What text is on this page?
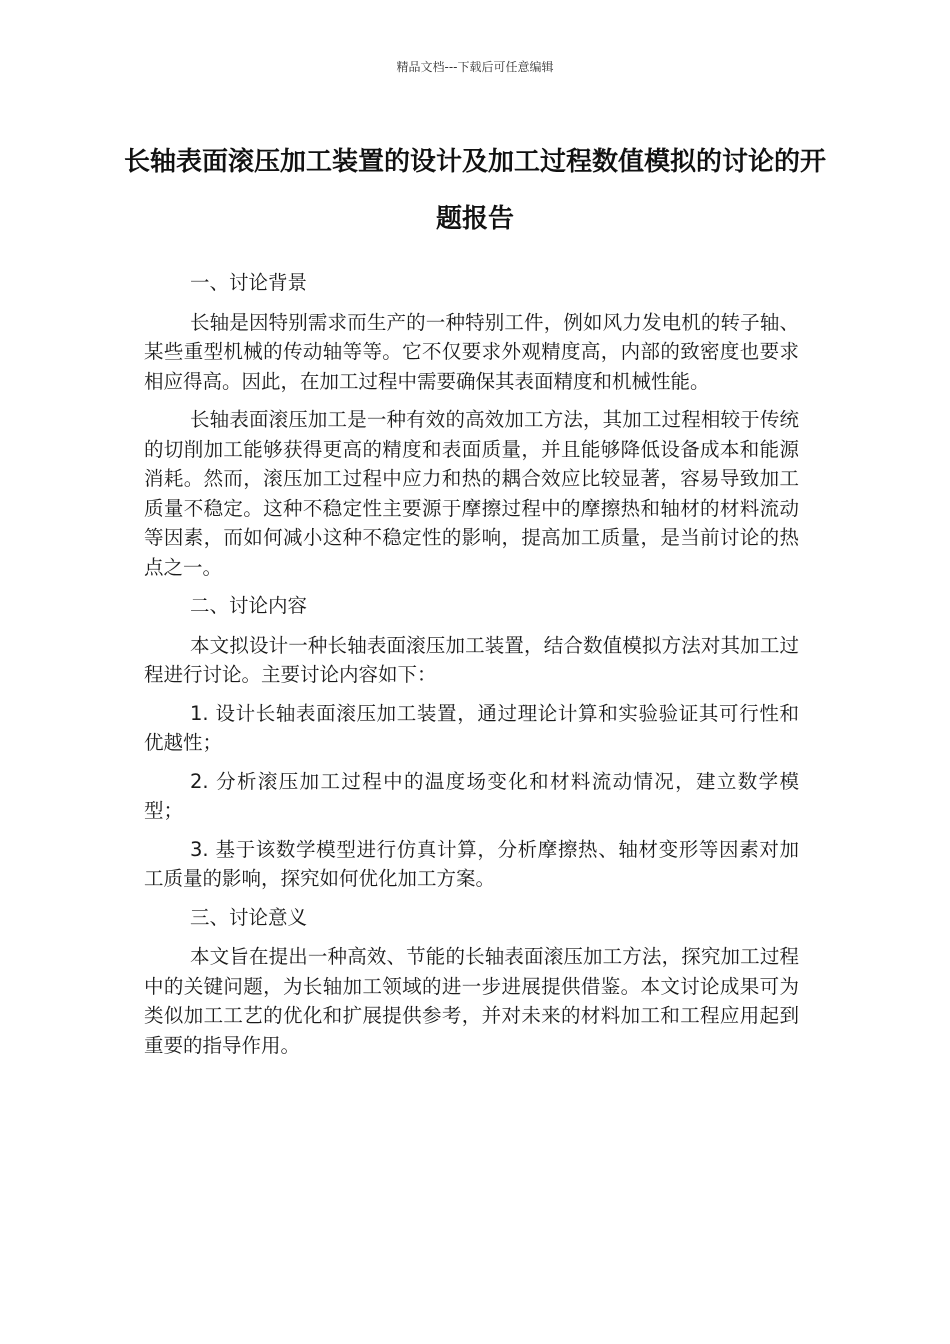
精品文档---下载后可任意编辑
长轴表面滚压加工装置的设计及加工过程数值模拟的讨论的开题报告

一、讨论背景

长轴是因特别需求而生产的一种特别工件，例如风力发电机的转子轴、某些重型机械的传动轴等等。它不仅要求外观精度高，内部的致密度也要求相应得高。因此，在加工过程中需要确保其表面精度和机械性能。

长轴表面滚压加工是一种有效的高效加工方法，其加工过程相较于传统的切削加工能够获得更高的精度和表面质量，并且能够降低设备成本和能源消耗。然而，滚压加工过程中应力和热的耦合效应比较显著，容易导致加工质量不稳定。这种不稳定性主要源于摩擦过程中的摩擦热和轴材的材料流动等因素，而如何减小这种不稳定性的影响，提高加工质量，是当前讨论的热点之一。

二、讨论内容

本文拟设计一种长轴表面滚压加工装置，结合数值模拟方法对其加工过程进行讨论。主要讨论内容如下：

1. 设计长轴表面滚压加工装置，通过理论计算和实验验证其可行性和优越性；

2. 分析滚压加工过程中的温度场变化和材料流动情况，建立数学模型；

3. 基于该数学模型进行仿真计算，分析摩擦热、轴材变形等因素对加工质量的影响，探究如何优化加工方案。

三、讨论意义

本文旨在提出一种高效、节能的长轴表面滚压加工方法，探究加工过程中的关键问题，为长轴加工领域的进一步进展提供借鉴。本文讨论成果可为类似加工工艺的优化和扩展提供参考，并对未来的材料加工和工程应用起到重要的指导作用。
